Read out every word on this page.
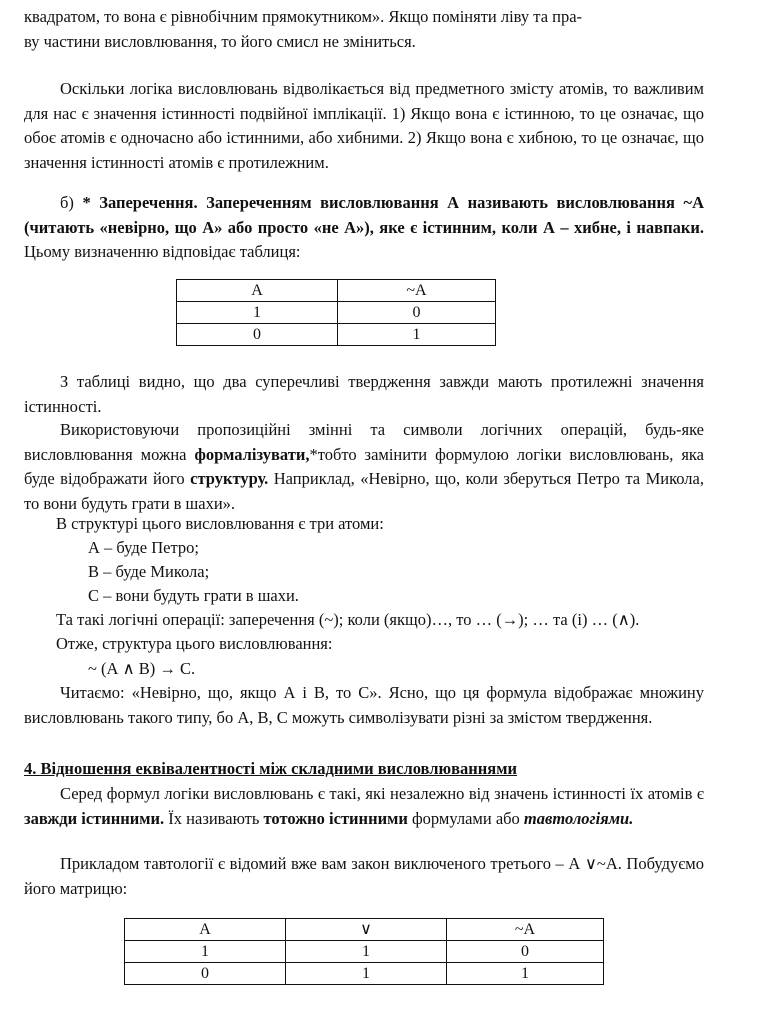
квадратом, то вона є рівнобічним прямокутником». Якщо поміняти ліву та пра-

ву частини висловлювання, то його смисл не зміниться.

Оскільки логіка висловлювань відволікається від предметного змісту атомів, то важливим для нас є значення істинності подвійної імплікації. 1) Якщо вона є істинною, то це означає, що обоє атомів є одночасно або істинними, або хибними. 2) Якщо вона є хибною, то це означає, що значення істинності атомів є протилежним.

б) * Заперечення. Запереченням висловлювання А називають висловлювання ~А (читають «невірно, що А» або просто «не А»), яке є істинним, коли А – хибне, і навпаки. Цьому визначенню відповідає таблиця:

А	~А
1	0
0	1

З таблиці видно, що два суперечливі твердження завжди мають протилежні значення істинності.

Використовуючи пропозиційні змінні та символи логічних операцій, будь-яке висловлювання можна формалізувати,*тобто замінити формулою логіки висловлювань, яка буде відображати його структуру. Наприклад, «Невірно, що, коли зберуться Петро та Микола, то вони будуть грати в шахи».

В структурі цього висловлювання є три атоми:

А – буде Петро;

В – буде Микола;

С – вони будуть грати в шахи.

Та такі логічні операції: заперечення (~); коли (якщо)…, то … (→); … та (і) … (∧).

Отже, структура цього висловлювання:

~ (А ∧ В) → С.

Читаємо: «Невірно, що, якщо А і В, то С». Ясно, що ця формула відображає множину висловлювань такого типу, бо А, В, С можуть символізувати різні за змістом твердження.

4. Відношення еквівалентності між складними висловлюваннями

Серед формул логіки висловлювань є такі, які незалежно від значень істинності їх атомів є завжди істинними. Їх називають тотожно істинними формулами або тавтологіями.

Прикладом тавтології є відомий вже вам закон виключеного третього – А ∨~А. Побудуємо його матрицю:

А	∨	~А
1	1	0
0	1	1
